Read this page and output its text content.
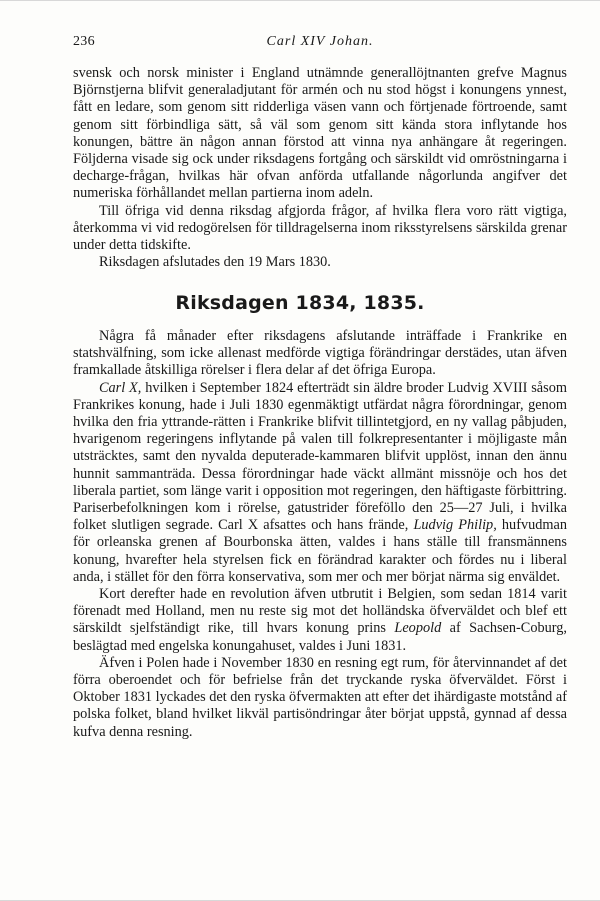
236	Carl XIV Johan.

svensk och norsk minister i England utnämnde generallöjtnanten grefve Magnus Björnstjerna blifvit generaladjutant för armén och nu stod högst i konungens ynnest, fått en ledare, som genom sitt ridderliga väsen vann och förtjenade förtroende, samt genom sitt förbindliga sätt, så väl som genom sitt kända stora inflytande hos konungen, bättre än någon annan förstod att vinna nya anhängare åt regeringen. Följderna visade sig ock under riksdagens fortgång och särskildt vid omröstningarna i decharge-frågan, hvilkas här ofvan anförda utfallande någorlunda angifver det numeriska förhållandet mellan partierna inom adeln.

Till öfriga vid denna riksdag afgjorda frågor, af hvilka flera voro rätt vigtiga, återkomma vi vid redogörelsen för tilldragelserna inom riksstyrelsens särskilda grenar under detta tidskifte.

Riksdagen afslutades den 19 Mars 1830.

Riksdagen 1834, 1835.

Några få månader efter riksdagens afslutande inträffade i Frankrike en statshvälfning, som icke allenast medförde vigtiga förändringar derstädes, utan äfven framkallade åtskilliga rörelser i flera delar af det öfriga Europa.

Carl X, hvilken i September 1824 efterträdt sin äldre broder Ludvig XVIII såsom Frankrikes konung, hade i Juli 1830 egenmäktigt utfärdat några förordningar, genom hvilka den fria yttrande-rätten i Frankrike blifvit tillintetgjord, en ny vallag påbjuden, hvarigenom regeringens inflytande på valen till folkrepresentanter i möjligaste mån utsträcktes, samt den nyvalda deputerade-kammaren blifvit upplöst, innan den ännu hunnit sammanträda. Dessa förordningar hade väckt allmänt missnöje och hos det liberala partiet, som länge varit i opposition mot regeringen, den häftigaste förbittring. Pariserbefolkningen kom i rörelse, gatustrider föreföllo den 25—27 Juli, i hvilka folket slutligen segrade. Carl X afsattes och hans frände, Ludvig Philip, hufvudman för orleanska grenen af Bourbonska ätten, valdes i hans ställe till fransmännens konung, hvarefter hela styrelsen fick en förändrad karakter och fördes nu i liberal anda, i stället för den förra konservativa, som mer och mer börjat närma sig enväldet.

Kort derefter hade en revolution äfven utbrutit i Belgien, som sedan 1814 varit förenadt med Holland, men nu reste sig mot det holländska öfverväldet och blef ett särskildt sjelfständigt rike, till hvars konung prins Leopold af Sachsen-Coburg, beslägtad med engelska konungahuset, valdes i Juni 1831.

Äfven i Polen hade i November 1830 en resning egt rum, för återvinnandet af det förra oberoendet och för befrielse från det tryckande ryska öfverväldet. Först i Oktober 1831 lyckades det den ryska öfvermakten att efter det ihärdigaste motstånd af polska folket, bland hvilket likväl partisöndringar åter börjat uppstå, gynnad af dessa kufva denna resning.
